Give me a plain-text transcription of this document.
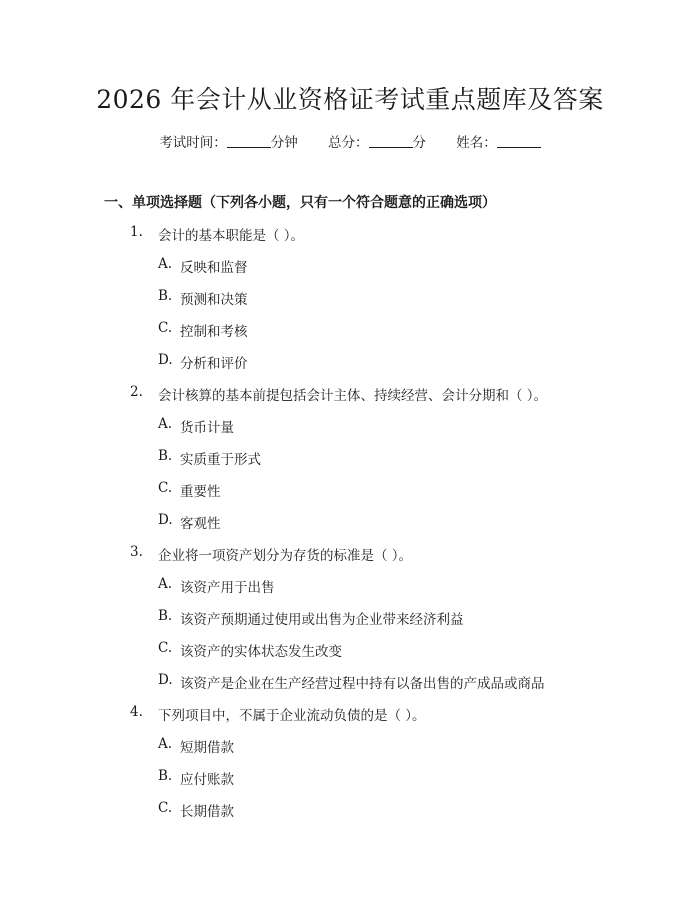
2026 年会计从业资格证考试重点题库及答案
考试时间：	分钟 总分：	分 姓名：
一、单项选择题（下列各小题，只有一个符合题意的正确选项）
1. 会计的基本职能是（ ）。
A. 反映和监督
B. 预测和决策
C. 控制和考核
D. 分析和评价
2. 会计核算的基本前提包括会计主体、持续经营、会计分期和（ ）。
A. 货币计量
B. 实质重于形式
C. 重要性
D. 客观性
3. 企业将一项资产划分为存货的标准是（ ）。
A. 该资产用于出售
B. 该资产预期通过使用或出售为企业带来经济利益
C. 该资产的实体状态发生改变
D. 该资产是企业在生产经营过程中持有以备出售的产成品或商品
4. 下列项目中，不属于企业流动负债的是（ ）。
A. 短期借款
B. 应付账款
C. 长期借款
